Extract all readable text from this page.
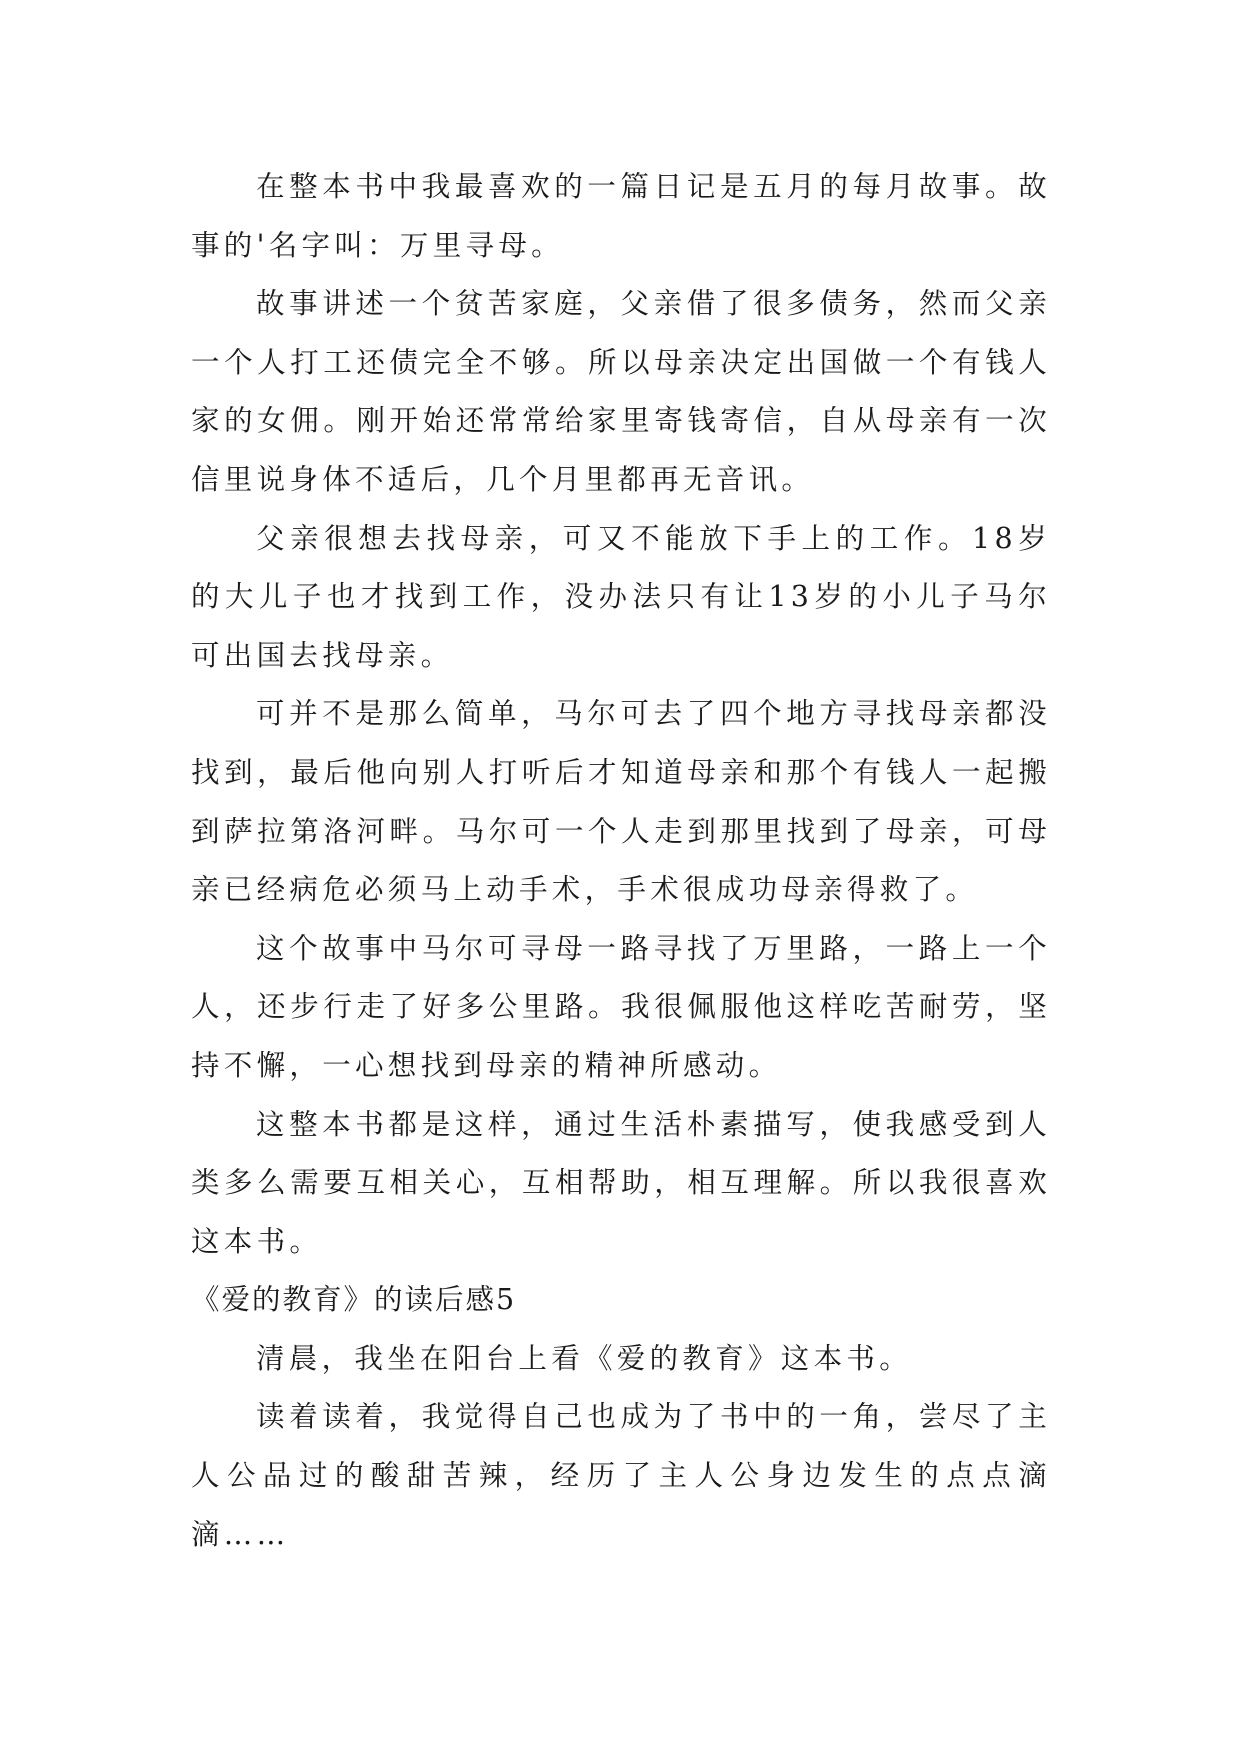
在整本书中我最喜欢的一篇日记是五月的每月故事。故事的'名字叫：万里寻母。

故事讲述一个贫苦家庭，父亲借了很多债务，然而父亲一个人打工还债完全不够。所以母亲决定出国做一个有钱人家的女佣。刚开始还常常给家里寄钱寄信，自从母亲有一次信里说身体不适后，几个月里都再无音讯。

父亲很想去找母亲，可又不能放下手上的工作。18岁的大儿子也才找到工作，没办法只有让13岁的小儿子马尔可出国去找母亲。

可并不是那么简单，马尔可去了四个地方寻找母亲都没找到，最后他向别人打听后才知道母亲和那个有钱人一起搬到萨拉第洛河畔。马尔可一个人走到那里找到了母亲，可母亲已经病危必须马上动手术，手术很成功母亲得救了。

这个故事中马尔可寻母一路寻找了万里路，一路上一个人，还步行走了好多公里路。我很佩服他这样吃苦耐劳，坚持不懈，一心想找到母亲的精神所感动。

这整本书都是这样，通过生活朴素描写，使我感受到人类多么需要互相关心，互相帮助，相互理解。所以我很喜欢这本书。

《爱的教育》的读后感5

清晨，我坐在阳台上看《爱的教育》这本书。

读着读着，我觉得自己也成为了书中的一角，尝尽了主人公品过的酸甜苦辣，经历了主人公身边发生的点点滴滴……
